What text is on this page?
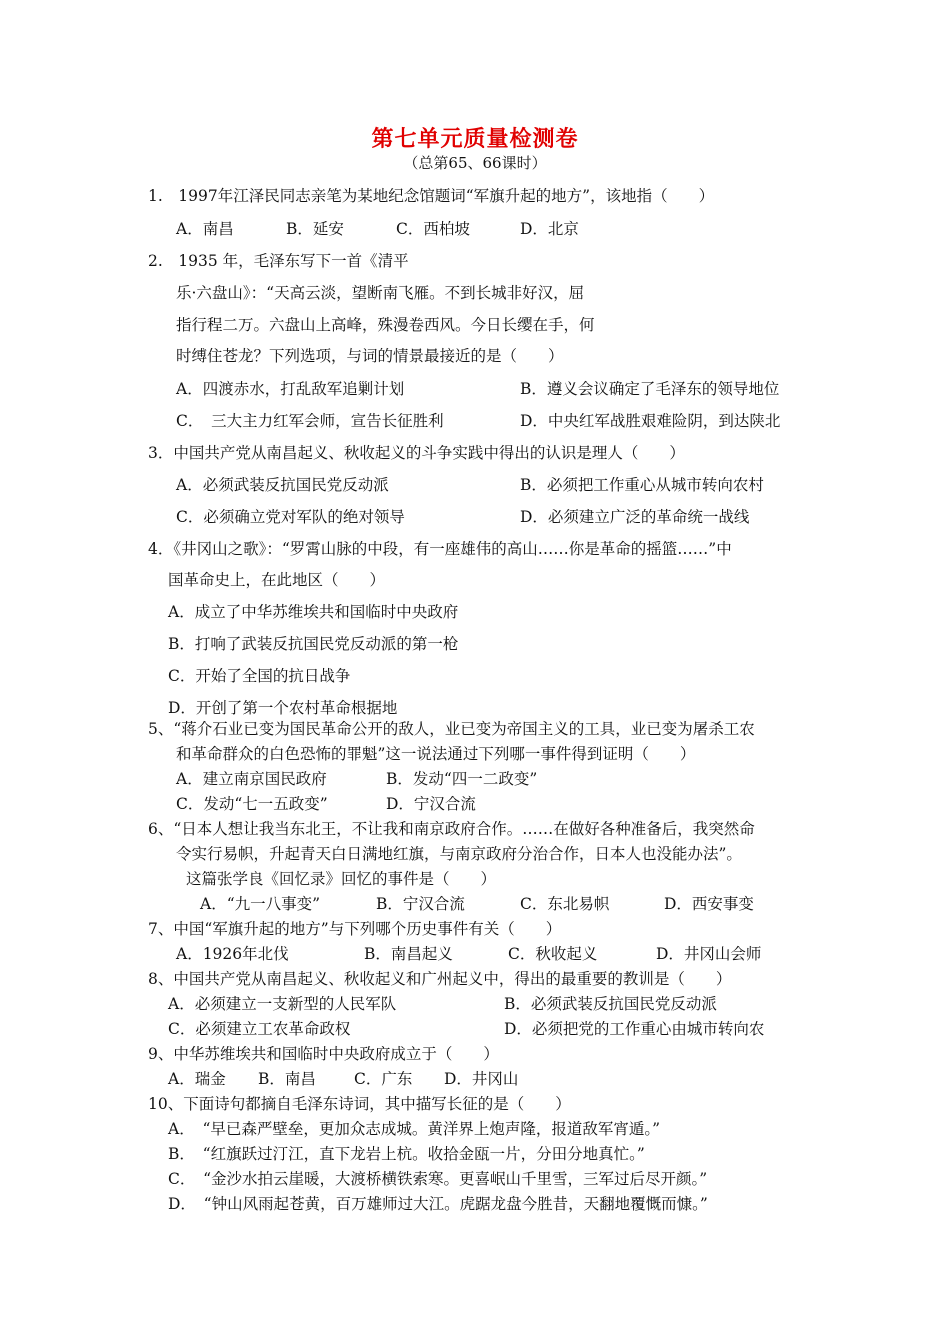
第七单元质量检测卷
（总第65、66课时）
1.　1997年江泽民同志亲笔为某地纪念馆题词“军旗升起的地方”，该地指（　　）
A．南昌	B．延安	C．西柏坡	D．北京
2.　1935 年，毛泽东写下一首《清平
乐·六盘山》：“天高云淡，望断南飞雁。不到长城非好汉，屈
指行程二万。六盘山上高峰，殊漫卷西风。今日长缨在手，何
时缚住苍龙？下列选项，与词的情景最接近的是（　　）
A．四渡赤水，打乱敌军追剿计划	B．遵义会议确定了毛泽东的领导地位
C．　三大主力红军会师，宣告长征胜利	D．中央红军战胜艰难险阴，到达陕北
3．中国共产党从南昌起义、秋收起义的斗争实践中得出的认识是理人（　　）
A．必须武装反抗国民党反动派	B．必须把工作重心从城市转向农村
C．必须确立党对军队的绝对领导	D．必须建立广泛的革命统一战线
4．《井冈山之歌》：“罗霄山脉的中段，有一座雄伟的高山……你是革命的摇篮……”中
国革命史上，在此地区（　　）
A．成立了中华苏维埃共和国临时中央政府
B．打响了武装反抗国民党反动派的第一枪
C．开始了全国的抗日战争
D．开创了第一个农村革命根据地
5、“蒋介石业已变为国民革命公开的敌人，业已变为帝国主义的工具，业已变为屠杀工农
和革命群众的白色恐怖的罪魁”这一说法通过下列哪一事件得到证明（　　）
A．建立南京国民政府	B．发动“四一二政变”
C．发动“七一五政变”	D．宁汉合流
6、“日本人想让我当东北王，不让我和南京政府合作。……在做好各种准备后，我突然命
令实行易帜，升起青天白日满地红旗，与南京政府分治合作，日本人也没能办法”。
这篇张学良《回忆录》回忆的事件是（　　）
A．“九一八事变”	B．宁汉合流	C．东北易帜	D．西安事变
7、中国“军旗升起的地方”与下列哪个历史事件有关（　　）
A．1926年北伐	B．南昌起义	C．秋收起义	D．井冈山会师
8、中国共产党从南昌起义、秋收起义和广州起义中，得出的最重要的教训是（　　）
A．必须建立一支新型的人民军队	B．必须武装反抗国民党反动派
C．必须建立工农革命政权	D．必须把党的工作重心由城市转向农
9、中华苏维埃共和国临时中央政府成立于（　　）
A．瑞金 B．南昌 C．广东 D．井冈山
10、下面诗句都摘自毛泽东诗词，其中描写长征的是（　　）
A．　“早已森严壁垒，更加众志成城。黄洋界上炮声隆，报道敌军宵遁。”
B．　“红旗跃过汀江，直下龙岩上杭。收拾金瓯一片，分田分地真忙。”
C．　“金沙水拍云崖暖，大渡桥横铁索寒。更喜岷山千里雪，三军过后尽开颜。”
D．　“钟山风雨起苍黄，百万雄师过大江。虎踞龙盘今胜昔，天翻地覆慨而慷。”
